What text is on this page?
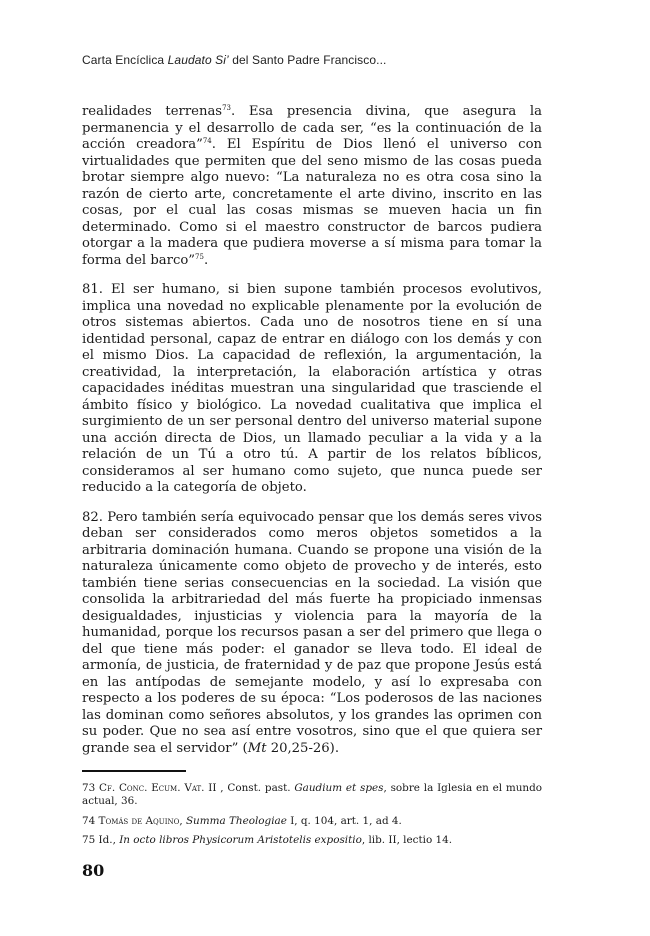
Carta Encíclica Laudato Si’ del Santo Padre Francisco...

realidades terrenas$^{73}$. Esa presencia divina, que asegura la permanencia y el desarrollo de cada ser, “es la continuación de la acción creadora”$^{74}$. El Espíritu de Dios llenó el universo con virtualidades que permiten que del seno mismo de las cosas pueda brotar siempre algo nuevo: “La naturaleza no es otra cosa sino la razón de cierto arte, concretamente el arte divino, inscrito en las cosas, por el cual las cosas mismas se mueven hacia un fin determinado. Como si el maestro constructor de barcos pudiera otorgar a la madera que pudiera moverse a sí misma para tomar la forma del barco”$^{75}$.

81. El ser humano, si bien supone también procesos evolutivos, implica una novedad no explicable plenamente por la evolución de otros sistemas abiertos. Cada uno de nosotros tiene en sí una identidad personal, capaz de entrar en diálogo con los demás y con el mismo Dios. La capacidad de reflexión, la argumentación, la creatividad, la interpretación, la elaboración artística y otras capacidades inéditas muestran una singularidad que trasciende el ámbito físico y biológico. La novedad cualitativa que implica el surgimiento de un ser personal dentro del universo material supone una acción directa de Dios, un llamado peculiar a la vida y a la relación de un Tú a otro tú. A partir de los relatos bíblicos, consideramos al ser humano como sujeto, que nunca puede ser reducido a la categoría de objeto.

82. Pero también sería equivocado pensar que los demás seres vivos deban ser considerados como meros objetos sometidos a la arbitraria dominación humana. Cuando se propone una visión de la naturaleza únicamente como objeto de provecho y de interés, esto también tiene serias consecuencias en la sociedad. La visión que consolida la arbitrariedad del más fuerte ha propiciado inmensas desigualdades, injusticias y violencia para la mayoría de la humanidad, porque los recursos pasan a ser del primero que llega o del que tiene más poder: el ganador se lleva todo. El ideal de armonía, de justicia, de fraternidad y de paz que propone Jesús está en las antípodas de semejante modelo, y así lo expresaba con respecto a los poderes de su época: “Los poderosos de las naciones las dominan como señores absolutos, y los grandes las oprimen con su poder. Que no sea así entre vosotros, sino que el que quiera ser grande sea el servidor” (Mt 20,25-26).

73 Cf. Conc. Ecum. Vat. II , Const. past. Gaudium et spes, sobre la Iglesia en el mundo actual, 36.

74 Tomás de Aquino, Summa Theologiae I, q. 104, art. 1, ad 4.

75 Id., In octo libros Physicorum Aristotelis expositio, lib. II, lectio 14.

80
